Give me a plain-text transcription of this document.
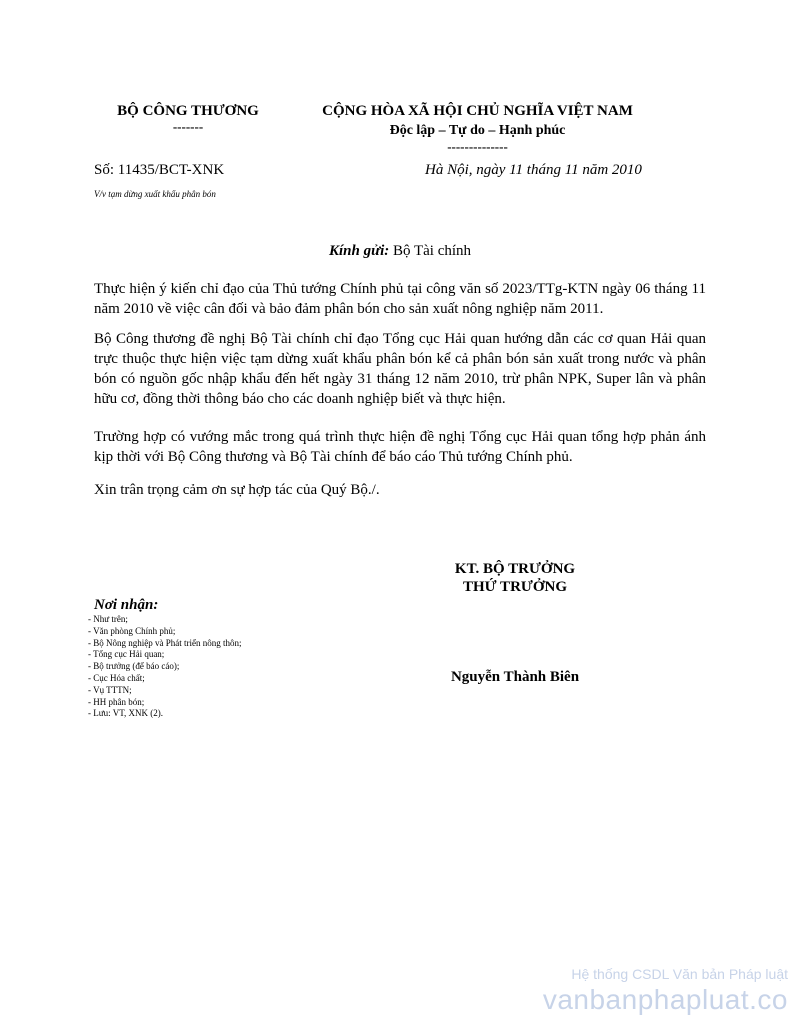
BỘ CÔNG THƯƠNG
-------
CỘNG HÒA XÃ HỘI CHỦ NGHĨA VIỆT NAM
Độc lập – Tự do – Hạnh phúc
--------------
Số: 11435/BCT-XNK
V/v tạm dừng xuất khẩu phân bón
Hà Nội, ngày 11 tháng 11 năm 2010
Kính gửi: Bộ Tài chính
Thực hiện ý kiến chỉ đạo của Thủ tướng Chính phủ tại công văn số 2023/TTg-KTN ngày 06 tháng 11 năm 2010 về việc cân đối và bảo đảm phân bón cho sản xuất nông nghiệp năm 2011.
Bộ Công thương đề nghị Bộ Tài chính chỉ đạo Tổng cục Hải quan hướng dẫn các cơ quan Hải quan trực thuộc thực hiện việc tạm dừng xuất khẩu phân bón kể cả phân bón sản xuất trong nước và phân bón có nguồn gốc nhập khẩu đến hết ngày 31 tháng 12 năm 2010, trừ phân NPK, Super lân và phân hữu cơ, đồng thời thông báo cho các doanh nghiệp biết và thực hiện.
Trường hợp có vướng mắc trong quá trình thực hiện đề nghị Tổng cục Hải quan tổng hợp phản ánh kịp thời với Bộ Công thương và Bộ Tài chính để báo cáo Thủ tướng Chính phủ.
Xin trân trọng cảm ơn sự hợp tác của Quý Bộ./.
KT. BỘ TRƯỞNG
THỨ TRƯỞNG
Nguyễn Thành Biên
Nơi nhận:
- Như trên;
- Văn phòng Chính phủ;
- Bộ Nông nghiệp và Phát triển nông thôn;
- Tổng cục Hải quan;
- Bộ trưởng (để báo cáo);
- Cục Hóa chất;
- Vụ TTTN;
- HH phân bón;
- Lưu: VT, XNK (2).
Hệ thống CSDL Văn bản Pháp luật
vanbanphapluat.co
